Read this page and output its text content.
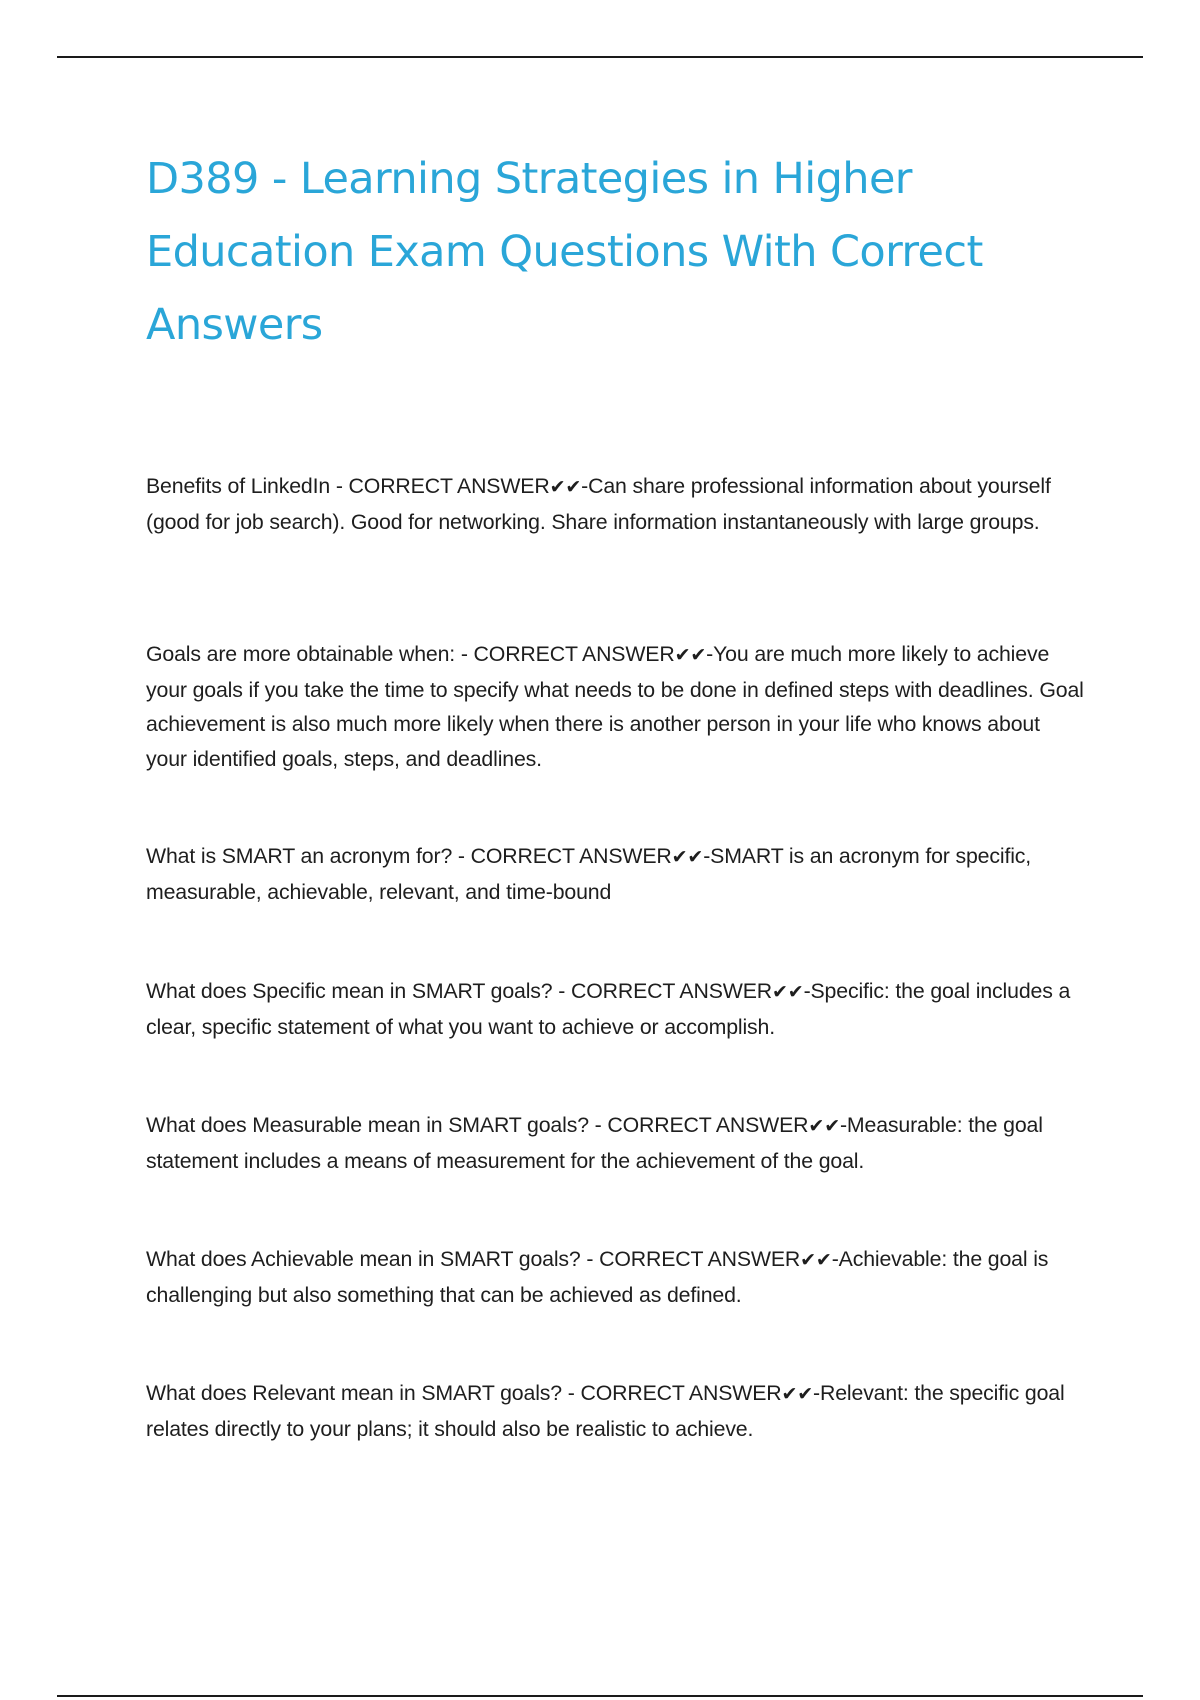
D389 - Learning Strategies in Higher Education Exam Questions With Correct Answers
Benefits of LinkedIn - CORRECT ANSWER✔✔-Can share professional information about yourself (good for job search). Good for networking. Share information instantaneously with large groups.
Goals are more obtainable when: - CORRECT ANSWER✔✔-You are much more likely to achieve your goals if you take the time to specify what needs to be done in defined steps with deadlines. Goal achievement is also much more likely when there is another person in your life who knows about your identified goals, steps, and deadlines.
What is SMART an acronym for? - CORRECT ANSWER✔✔-SMART is an acronym for specific, measurable, achievable, relevant, and time-bound
What does Specific mean in SMART goals? - CORRECT ANSWER✔✔-Specific: the goal includes a clear, specific statement of what you want to achieve or accomplish.
What does Measurable mean in SMART goals? - CORRECT ANSWER✔✔-Measurable: the goal statement includes a means of measurement for the achievement of the goal.
What does Achievable mean in SMART goals? - CORRECT ANSWER✔✔-Achievable: the goal is challenging but also something that can be achieved as defined.
What does Relevant mean in SMART goals? - CORRECT ANSWER✔✔-Relevant: the specific goal relates directly to your plans; it should also be realistic to achieve.
